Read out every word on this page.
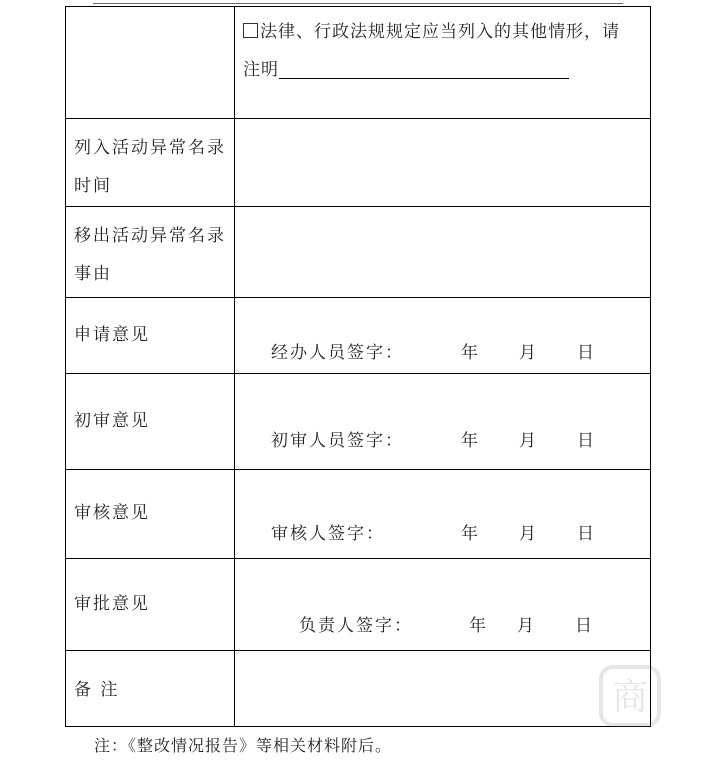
	法律、行政法规规定应当列入的其他情形，请
注明

列入活动异常名录
时间	

移出活动异常名录
事由	

申请意见	经办人员签字： 年 月 日

初审意见	初审人员签字： 年 月 日

审核意见	审核人签字： 年 月 日

审批意见	负责人签字： 年 月 日

备 注	

注：《整改情况报告》等相关材料附后。
商
